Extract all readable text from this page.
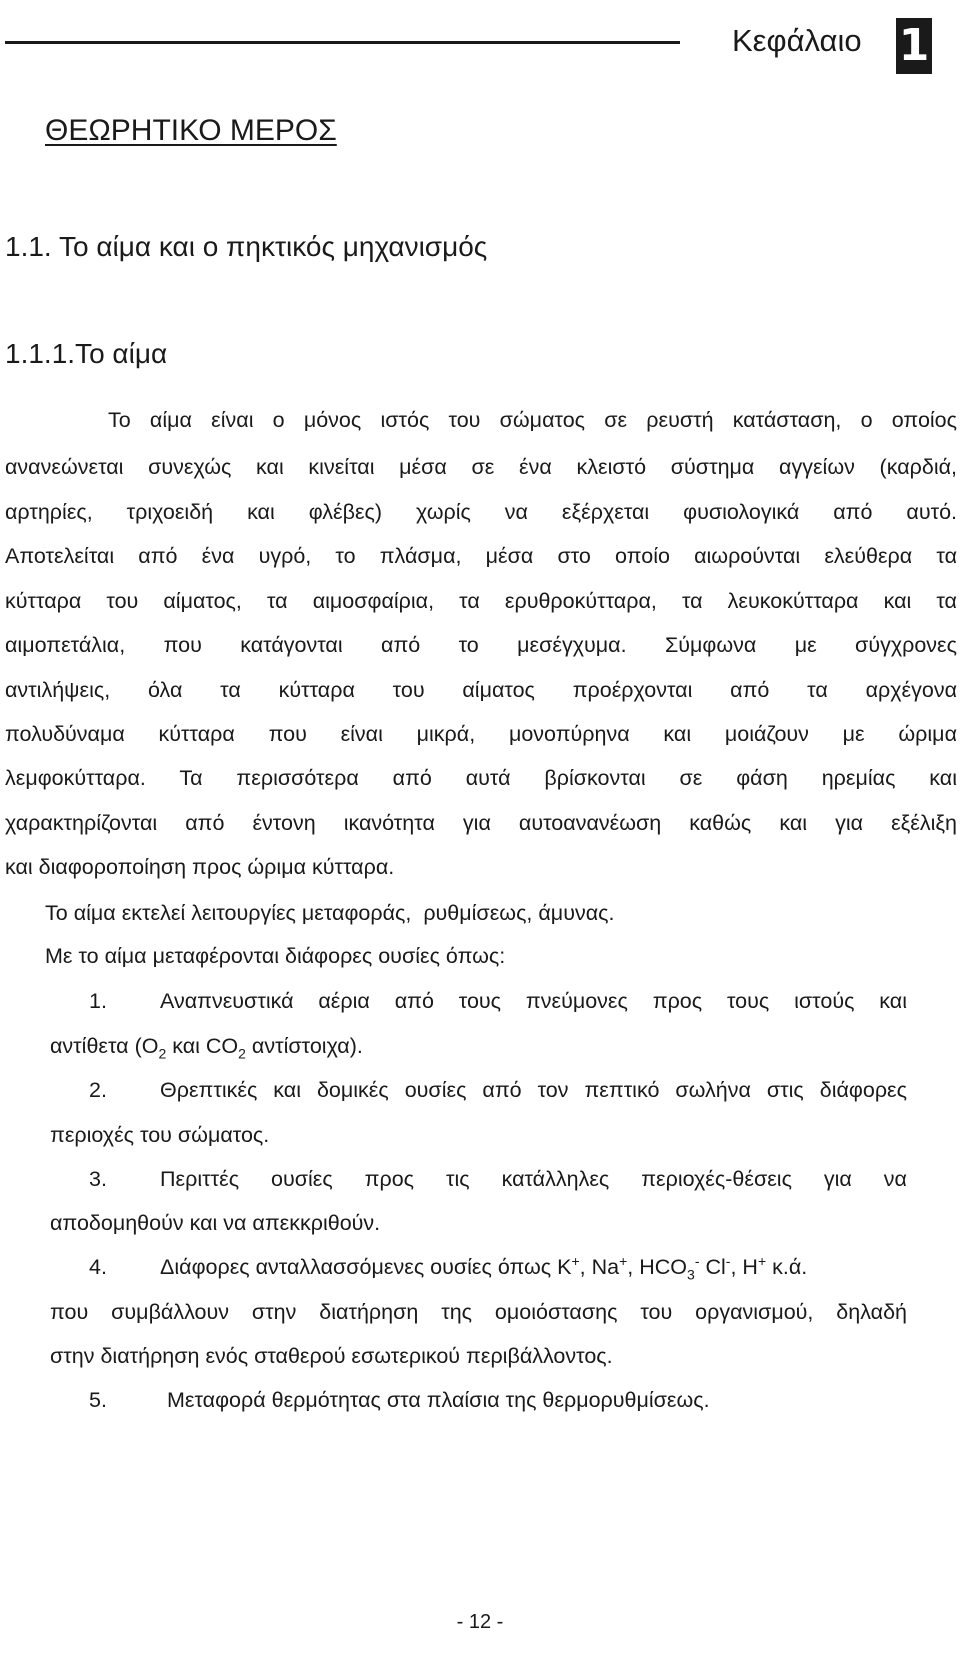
Κεφάλαιο 1
ΘΕΩΡΗΤΙΚΟ ΜΕΡΟΣ
1.1. Το αίμα και ο πηκτικός μηχανισμός
1.1.1.Το αίμα
Το αίμα είναι ο μόνος ιστός του σώματος σε ρευστή κατάσταση, ο οποίος
ανανεώνεται συνεχώς και κινείται μέσα σε ένα κλειστό σύστημα αγγείων (καρδιά,
αρτηρίες, τριχοειδή και φλέβες) χωρίς να εξέρχεται φυσιολογικά από αυτό.
Αποτελείται από ένα υγρό, το πλάσμα, μέσα στο οποίο αιωρούνται ελεύθερα τα
κύτταρα του αίματος, τα αιμοσφαίρια, τα ερυθροκύτταρα, τα λευκοκύτταρα και τα
αιμοπετάλια, που κατάγονται από το μεσέγχυμα. Σύμφωνα με σύγχρονες
αντιλήψεις, όλα τα κύτταρα του αίματος προέρχονται από τα αρχέγονα
πολυδύναμα κύτταρα που είναι μικρά, μονοπύρηνα και μοιάζουν με ώριμα
λεμφοκύτταρα. Τα περισσότερα από αυτά βρίσκονται σε φάση ηρεμίας και
χαρακτηρίζονται από έντονη ικανότητα για αυτοανανέωση καθώς και για εξέλιξη
και διαφοροποίηση προς ώριμα κύτταρα.
Το αίμα εκτελεί λειτουργίες μεταφοράς,  ρυθμίσεως, άμυνας.
Με το αίμα μεταφέρονται διάφορες ουσίες όπως:
1. Αναπνευστικά αέρια από τους πνεύμονες προς τους ιστούς και
αντίθετα ($O_2$ και $CO_2$ αντίστοιχα).
2. Θρεπτικές και δομικές ουσίες από τον πεπτικό σωλήνα στις διάφορες
περιοχές του σώματος.
3. Περιττές ουσίες προς τις κατάλληλες περιοχές-θέσεις για να
αποδομηθούν και να απεκκριθούν.
4. Διάφορες ανταλλασσόμενες ουσίες όπως K+, Na+, $HCO_3^-$ Cl-, H+ κ.ά.
που συμβάλλουν στην διατήρηση της ομοιόστασης του οργανισμού, δηλαδή
στην διατήρηση ενός σταθερού εσωτερικού περιβάλλοντος.
5.	Μεταφορά θερμότητας στα πλαίσια της θερμορυθμίσεως.
- 12 -
